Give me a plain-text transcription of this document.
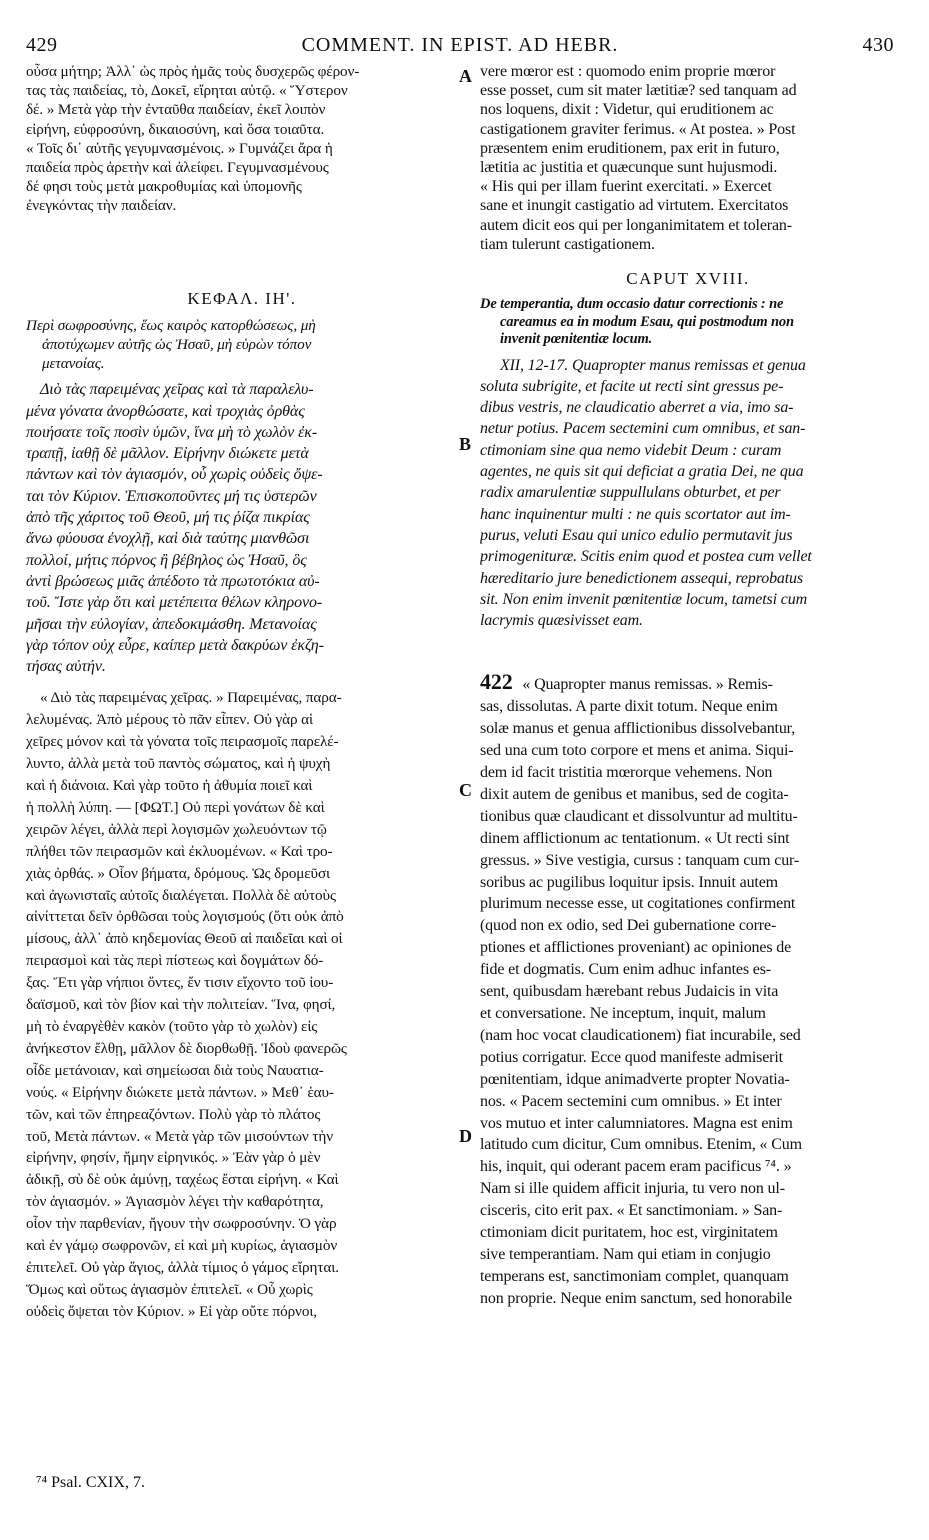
429	COMMENT. IN EPIST. AD HEBR.	430
A
B
C
D
οὖσα μήτηρ; Ἀλλ᾽ ὡς πρὸς ἡμᾶς τοὺς δυσχερῶς φέρον-
τας τὰς παιδείας, τὸ, Δοκεῖ, εἴρηται αὐτῷ. « Ὕστερον
δέ. » Μετὰ γὰρ τὴν ἐνταῦθα παιδείαν, ἐκεῖ λοιπὸν
εἰρήνη, εὐφροσύνη, δικαιοσύνη, καὶ ὅσα τοιαῦτα.
« Τοῖς δι᾽ αὐτῆς γεγυμνασμένοις. » Γυμνάζει ἄρα ἡ
παιδεία πρὸς ἀρετὴν καὶ ἀλείφει. Γεγυμνασμένους
δέ φησι τοὺς μετὰ μακροθυμίας καὶ ὑπομονῆς
ἐνεγκόντας τὴν παιδείαν.
ΚΕΦΑΛ. ΙΗ'.
Περὶ σωφροσύνης, ἕως καιρὸς κατορθώσεως, μὴ
ἀποτύχωμεν αὐτῆς ὡς Ἠσαῦ, μὴ εὑρὼν τόπον
μετανοίας.
Διὸ τὰς παρειμένας χεῖρας καὶ τὰ παραλελυ-
μένα γόνατα ἀνορθώσατε, καὶ τροχιὰς ὀρθὰς
ποιήσατε τοῖς ποσὶν ὑμῶν, ἵνα μὴ τὸ χωλὸν ἐκ-
τραπῇ, ἰαθῇ δὲ μᾶλλον. Εἰρήνην διώκετε μετὰ
πάντων καὶ τὸν ἁγιασμόν, οὗ χωρὶς οὐδεὶς ὄψε-
ται τὸν Κύριον. Ἐπισκοποῦντες μή τις ὑστερῶν
ἀπὸ τῆς χάριτος τοῦ Θεοῦ, μή τις ῥίζα πικρίας
ἄνω φύουσα ἐνοχλῇ, καὶ διὰ ταύτης μιανθῶσι
πολλοί, μήτις πόρνος ἢ βέβηλος ὡς Ἠσαῦ, ὃς
ἀντὶ βρώσεως μιᾶς ἀπέδοτο τὰ πρωτοτόκια αὐ-
τοῦ. Ἴστε γὰρ ὅτι καὶ μετέπειτα θέλων κληρονο-
μῆσαι τὴν εὐλογίαν, ἀπεδοκιμάσθη. Μετανοίας
γὰρ τόπον οὐχ εὗρε, καίπερ μετὰ δακρύων ἐκζη-
τήσας αὐτήν.
« Διὸ τὰς παρειμένας χεῖρας. » Παρειμένας, παρα-
λελυμένας. Ἀπὸ μέρους τὸ πᾶν εἶπεν. Οὐ γὰρ αἱ
χεῖρες μόνον καὶ τὰ γόνατα τοῖς πειρασμοῖς παρελέ-
λυντο, ἀλλὰ μετὰ τοῦ παντὸς σώματος, καὶ ἡ ψυχὴ
καὶ ἡ διάνοια. Καὶ γὰρ τοῦτο ἡ ἀθυμία ποιεῖ καὶ
ἡ πολλὴ λύπη. — [ΦΩΤ.] Οὐ περὶ γονάτων δὲ καὶ
χειρῶν λέγει, ἀλλὰ περὶ λογισμῶν χωλευόντων τῷ
πλήθει τῶν πειρασμῶν καὶ ἐκλυομένων. « Καὶ τρο-
χιὰς ὀρθάς. » Οἷον βήματα, δρόμους. Ὡς δρομεῦσι
καὶ ἀγωνισταῖς αὐτοῖς διαλέγεται. Πολλὰ δὲ αὐτοὺς
αἰνίττεται δεῖν ὀρθῶσαι τοὺς λογισμούς (ὅτι οὐκ ἀπὸ
μίσους, ἀλλ᾽ ἀπὸ κηδεμονίας Θεοῦ αἱ παιδεῖαι καὶ οἱ
πειρασμοὶ καὶ τὰς περὶ πίστεως καὶ δογμάτων δό-
ξας. Ἔτι γὰρ νήπιοι ὄντες, ἔν τισιν εἴχοντο τοῦ ἰου-
δαϊσμοῦ, καὶ τὸν βίον καὶ τὴν πολιτείαν. Ἵνα, φησί,
μὴ τὸ ἐναργὲθὲν κακὸν (τοῦτο γὰρ τὸ χωλὸν) εἰς
ἀνήκεστον ἔλθῃ, μᾶλλον δὲ διορθωθῇ. Ἰδοὺ φανερῶς
οἶδε μετάνοιαν, καὶ σημείωσαι διὰ τοὺς Ναυατια-
νούς. « Εἰρήνην διώκετε μετὰ πάντων. » Μεθ᾽ ἑαυ-
τῶν, καὶ τῶν ἐπηρεαζόντων. Πολὺ γὰρ τὸ πλάτος
τοῦ, Μετὰ πάντων. « Μετὰ γὰρ τῶν μισούντων τὴν
εἰρήνην, φησίν, ἤμην εἰρηνικός. » Ἐὰν γὰρ ὁ μὲν
ἀδικῇ, σὺ δὲ οὐκ ἀμύνῃ, ταχέως ἔσται εἰρήνη. « Καὶ
τὸν ἁγιασμόν. » Ἁγιασμὸν λέγει τὴν καθαρότητα,
οἷον τὴν παρθενίαν, ἤγουν τὴν σωφροσύνην. Ὁ γὰρ
καὶ ἐν γάμῳ σωφρονῶν, εἰ καὶ μὴ κυρίως, ἁγιασμὸν
ἐπιτελεῖ. Οὐ γὰρ ἅγιος, ἀλλὰ τίμιος ὁ γάμος εἴρηται.
Ὅμως καὶ οὕτως ἁγιασμὸν ἐπιτελεῖ. « Οὗ χωρὶς
οὐδεὶς ὄψεται τὸν Κύριον. » Εἰ γὰρ οὔτε πόρνοι,
vere mœror est : quomodo enim proprie mœror
esse posset, cum sit mater lætitiæ? sed tanquam ad
nos loquens, dixit : Videtur, qui eruditionem ac
castigationem graviter ferimus. « At postea. » Post
præsentem enim eruditionem, pax erit in futuro,
lætitia ac justitia et quæcunque sunt hujusmodi.
« His qui per illam fuerint exercitati. » Exercet
sane et inungit castigatio ad virtutem. Exercitatos
autem dicit eos qui per longanimitatem et toleran-
tiam tulerunt castigationem.
CAPUT XVIII.
De temperantia, dum occasio datur correctionis : ne
careamus ea in modum Esau, qui postmodum non
invenit pœnitentiæ locum.
XII, 12-17. Quapropter manus remissas et genua
soluta subrigite, et facite ut recti sint gressus pe-
dibus vestris, ne claudicatio aberret a via, imo sa-
netur potius. Pacem sectemini cum omnibus, et san-
ctimoniam sine qua nemo videbit Deum : curam
agentes, ne quis sit qui deficiat a gratia Dei, ne qua
radix amarulentiæ suppullulans obturbet, et per
hanc inquinentur multi : ne quis scortator aut im-
purus, veluti Esau qui unico edulio permutavit jus
primogenituræ. Scitis enim quod et postea cum vellet
hæreditario jure benedictionem assequi, reprobatus
sit. Non enim invenit pœnitentiæ locum, tametsi cum
lacrymis quæsivisset eam.
422 « Quapropter manus remissas. » Remis-
sas, dissolutas. A parte dixit totum. Neque enim
solæ manus et genua afflictionibus dissolvebantur,
sed una cum toto corpore et mens et anima. Siqui-
dem id facit tristitia mœrorque vehemens. Non
dixit autem de genibus et manibus, sed de cogita-
tionibus quæ claudicant et dissolvuntur ad multitu-
dinem afflictionum ac tentationum. « Ut recti sint
gressus. » Sive vestigia, cursus : tanquam cum cur-
soribus ac pugilibus loquitur ipsis. Innuit autem
plurimum necesse esse, ut cogitationes confirment
(quod non ex odio, sed Dei gubernatione corre-
ptiones et afflictiones proveniant) ac opiniones de
fide et dogmatis. Cum enim adhuc infantes es-
sent, quibusdam hærebant rebus Judaicis in vita
et conversatione. Ne inceptum, inquit, malum
(nam hoc vocat claudicationem) fiat incurabile, sed
potius corrigatur. Ecce quod manifeste admiserit
pœnitentiam, idque animadverte propter Novatia-
nos. « Pacem sectemini cum omnibus. » Et inter
vos mutuo et inter calumniatores. Magna est enim
latitudo cum dicitur, Cum omnibus. Etenim, « Cum
his, inquit, qui oderant pacem eram pacificus ⁷⁴. »
Nam si ille quidem afficit injuria, tu vero non ul-
cisceris, cito erit pax. « Et sanctimoniam. » San-
ctimoniam dicit puritatem, hoc est, virginitatem
sive temperantiam. Nam qui etiam in conjugio
temperans est, sanctimoniam complet, quanquam
non proprie. Neque enim sanctum, sed honorabile
⁷⁴ Psal. CXIX, 7.
